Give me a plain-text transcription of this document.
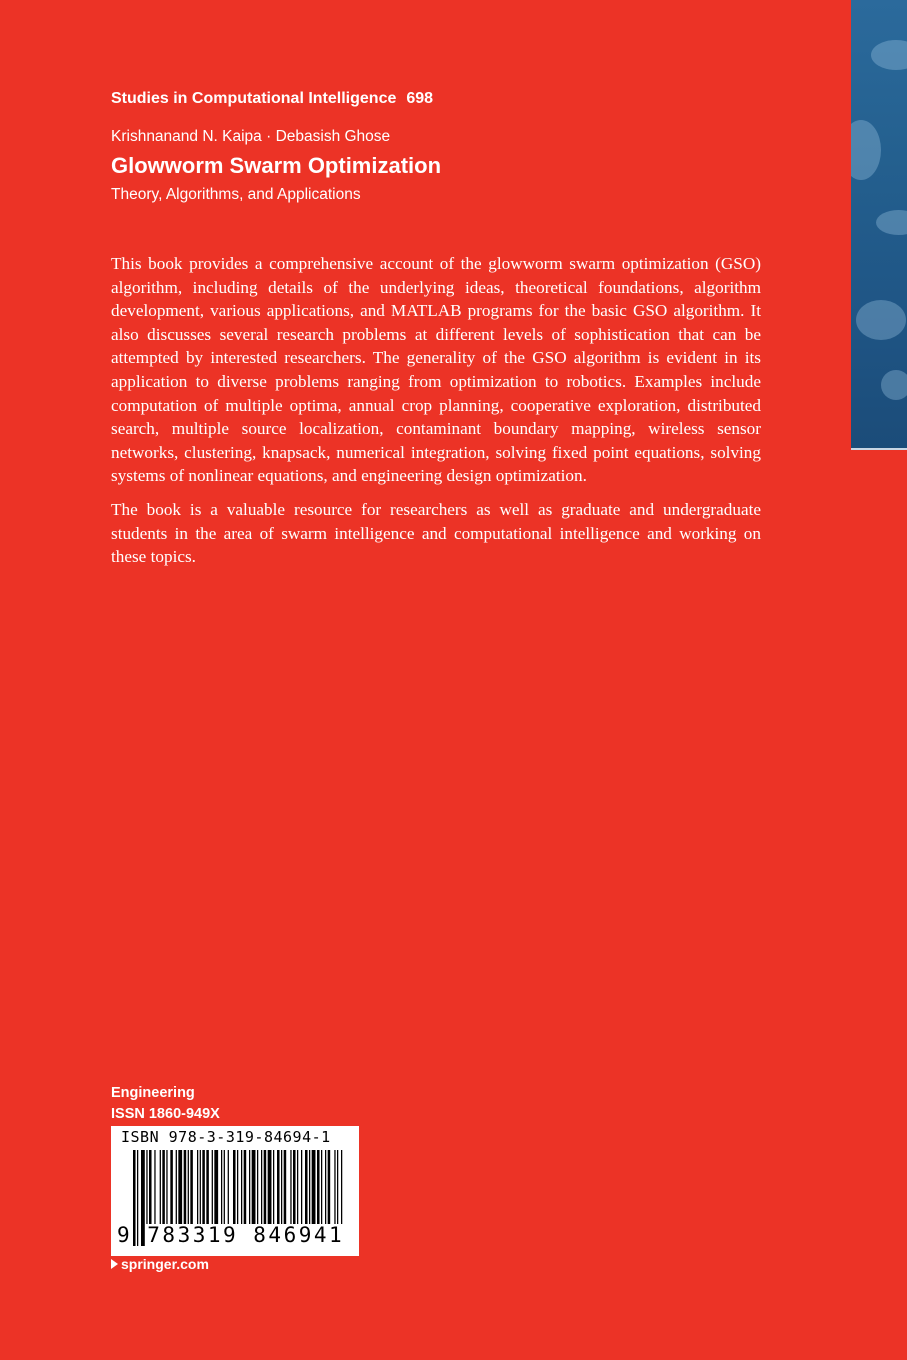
Studies in Computational Intelligence 698
Krishnanand N. Kaipa · Debasish Ghose
Glowworm Swarm Optimization
Theory, Algorithms, and Applications

This book provides a comprehensive account of the glowworm swarm optimization (GSO) algorithm, including details of the underlying ideas, theoretical foundations, algorithm development, various applications, and MATLAB programs for the basic GSO algorithm. It also discusses several research problems at different levels of sophistication that can be attempted by interested researchers. The generality of the GSO algorithm is evident in its application to diverse problems ranging from optimization to robotics. Examples include computation of multiple optima, annual crop planning, cooperative exploration, distributed search, multiple source localization, contaminant boundary mapping, wireless sensor networks, clustering, knapsack, numerical integration, solving fixed point equations, solving systems of nonlinear equations, and engineering design optimization.

The book is a valuable resource for researchers as well as graduate and undergraduate students in the area of swarm intelligence and computational intelligence and working on these topics.

Engineering
ISSN 1860-949X
ISBN 978-3-319-84694-1
9 783319 846941
springer.com
